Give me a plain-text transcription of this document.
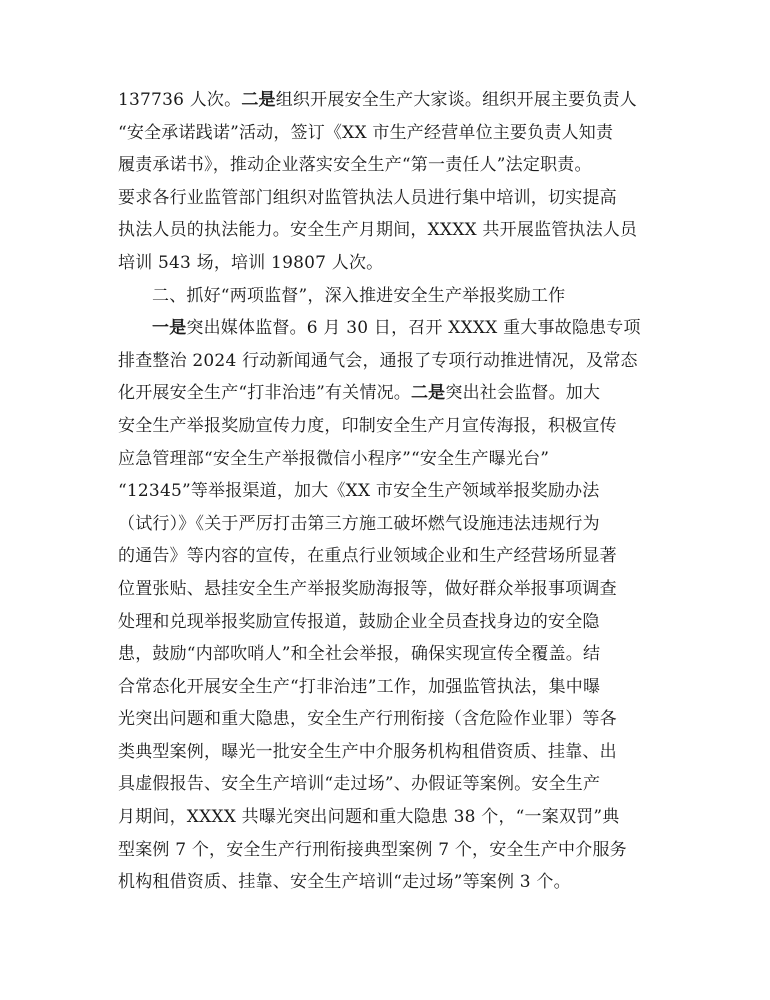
137736 人次。二是组织开展安全生产大家谈。组织开展主要负责人
“安全承诺践诺”活动，签订《XX 市生产经营单位主要负责人知责
履责承诺书》，推动企业落实安全生产“第一责任人”法定职责。
要求各行业监管部门组织对监管执法人员进行集中培训，切实提高
执法人员的执法能力。安全生产月期间，XXXX 共开展监管执法人员
培训 543 场，培训 19807 人次。
二、抓好“两项监督”，深入推进安全生产举报奖励工作
一是突出媒体监督。6 月 30 日，召开 XXXX 重大事故隐患专项
排查整治 2024 行动新闻通气会，通报了专项行动推进情况，及常态
化开展安全生产“打非治违”有关情况。二是突出社会监督。加大
安全生产举报奖励宣传力度，印制安全生产月宣传海报，积极宣传
应急管理部“安全生产举报微信小程序”“安全生产曝光台”
“12345”等举报渠道，加大《XX 市安全生产领域举报奖励办法
（试行）》《关于严厉打击第三方施工破坏燃气设施违法违规行为
的通告》等内容的宣传，在重点行业领域企业和生产经营场所显著
位置张贴、悬挂安全生产举报奖励海报等，做好群众举报事项调查
处理和兑现举报奖励宣传报道，鼓励企业全员查找身边的安全隐
患，鼓励“内部吹哨人”和全社会举报，确保实现宣传全覆盖。结
合常态化开展安全生产“打非治违”工作，加强监管执法，集中曝
光突出问题和重大隐患，安全生产行刑衔接（含危险作业罪）等各
类典型案例，曝光一批安全生产中介服务机构租借资质、挂靠、出
具虚假报告、安全生产培训“走过场”、办假证等案例。安全生产
月期间，XXXX 共曝光突出问题和重大隐患 38 个，“一案双罚”典
型案例 7 个，安全生产行刑衔接典型案例 7 个，安全生产中介服务
机构租借资质、挂靠、安全生产培训“走过场”等案例 3 个。
